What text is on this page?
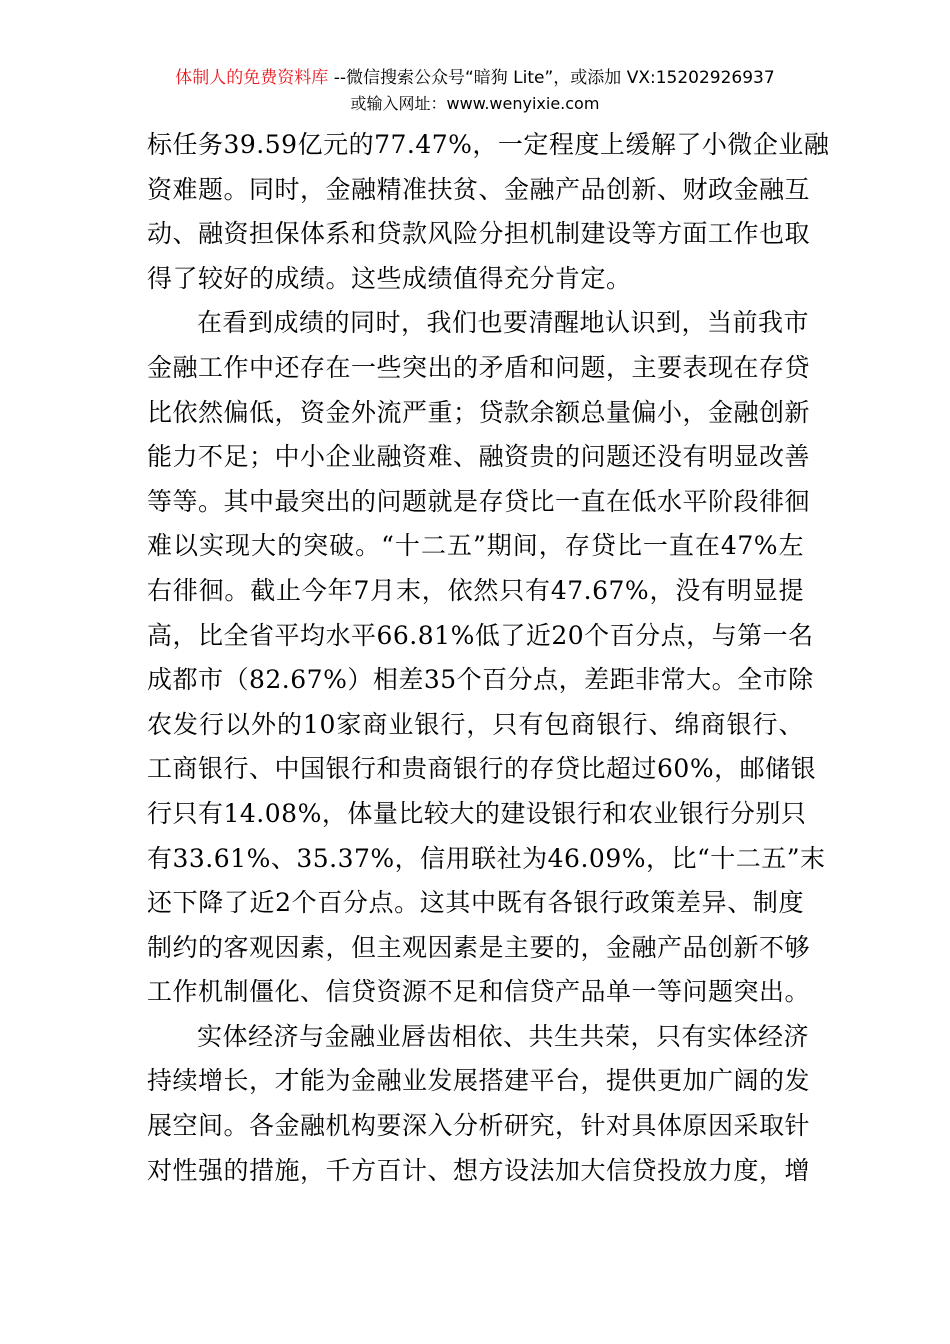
体制人的免费资料库 --微信搜索公众号“暗狗 Lite”，或添加 VX:15202926937
或输入网址：www.wenyixie.com
标任务39.59亿元的77.47%，一定程度上缓解了小微企业融
资难题。同时，金融精准扶贫、金融产品创新、财政金融互
动、融资担保体系和贷款风险分担机制建设等方面工作也取
得了较好的成绩。这些成绩值得充分肯定。
在看到成绩的同时，我们也要清醒地认识到，当前我市
金融工作中还存在一些突出的矛盾和问题，主要表现在存贷
比依然偏低，资金外流严重；贷款余额总量偏小，金融创新
能力不足；中小企业融资难、融资贵的问题还没有明显改善
等等。其中最突出的问题就是存贷比一直在低水平阶段徘徊
难以实现大的突破。“十二五”期间，存贷比一直在47%左
右徘徊。截止今年7月末，依然只有47.67%，没有明显提
高，比全省平均水平66.81%低了近20个百分点，与第一名
成都市（82.67%）相差35个百分点，差距非常大。全市除
农发行以外的10家商业银行，只有包商银行、绵商银行、
工商银行、中国银行和贵商银行的存贷比超过60%，邮储银
行只有14.08%，体量比较大的建设银行和农业银行分别只
有33.61%、35.37%，信用联社为46.09%，比“十二五”末
还下降了近2个百分点。这其中既有各银行政策差异、制度
制约的客观因素，但主观因素是主要的，金融产品创新不够
工作机制僵化、信贷资源不足和信贷产品单一等问题突出。
实体经济与金融业唇齿相依、共生共荣，只有实体经济
持续增长，才能为金融业发展搭建平台，提供更加广阔的发
展空间。各金融机构要深入分析研究，针对具体原因采取针
对性强的措施，千方百计、想方设法加大信贷投放力度，增
